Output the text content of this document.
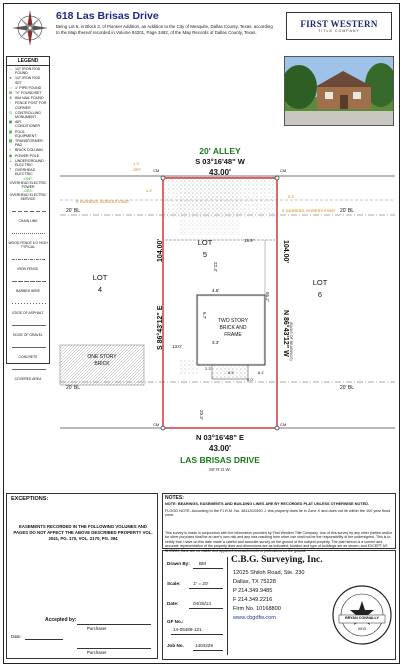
618 Las Brisas Drive
Being Lot 5, in Block 3, of Pioneer Addition, an Addition to the City of Mesquite, Dallas County, Texas, according to the Map thereof recorded in Volume 84201, Page 3482, of the Map Records of Dallas County, Texas.
FIRST WESTERN
TITLE COMPANY
LEGEND
○ 1/2" IRON ROD FOUND
● 1/2" IRON ROD SET
○ 1" PIPE FOUND
⊠ "X" FOUND/SET
⊗ 80d NAIL FOUND
▫	FENCE POST FOR CORNER
⊙ CONTROLLING MONUMENT
▣ AIR CONDITIONER
▦ POOL EQUIPMENT
▩ TRANSFORMER PAD
▪	BRICK COLUMN
◉ POWER POLE
⇣ UNDERGROUND ELECTRIC
⇡ OVERHEAD ELECTRIC
-OHP-
OVERHEAD ELECTRIC POWER
-OES-
OVERHEAD ELECTRIC SERVICE
CHAIN LINK
WOOD FENCE 6.0' HIGH TYPICAL
IRON FENCE
BARBED WIRE
EDGE OF ASPHALT
EDGE OF GRAVEL
CONCRETE
COVERED AREA
20' ALLEY
S 03°16'48" W
43.00'
N 03°16'48" E
43.00'
LAS BRISAS DRIVE
50' R.O.W.
104.00'
S 86°43'12" E
104.00'
N 86°43'12" W (BASIS OF BEARINGS)
LOT
4
LOT
5
LOT
6
TWO STORY
BRICK AND
FRAME
ONE STORY
BRICK
20' BL	20' BL
20' BL	20' BL
5' INGRESS, EGRESS ESMT.
5' INGRESS, EGRESS ESMT.
CM	CM
CM	CM
1.2'
OFF
1.2'
0.2'
19.9'
22.4'
4.6'
6.7'
3.3'
13.0'
55.2'
20.3'
8.5'
2.3'
6.1'
8.0'
EXCEPTIONS:
EASEMENTS RECORDED IN THE FOLLOWING VOLUMES AND PAGES DO NOT AFFECT THE ABOVE DESCRIBED PROPERTY VOL. 2041, PG. 170, VOL. 2170, PG. 394
Accepted by:
Purchaser
Date:
Purchaser
NOTES:

NOTE: BEARINGS, EASEMENTS AND BUILDING LINES ARE BY RECORDED PLAT UNLESS OTHERWISE NOTED.

FLOOD NOTE: According to the F.I.R.M. No. 48113C0390 J, this property does lie in Zone X and does not lie within the 100 year flood zone.

This survey is made in conjunction with the information provided by First Western Title Company. Use of this survey by any other parties and/or for other purposes shall be at user's own risk and any loss resulting from other use shall not be the responsibility of the undersigned. This is to certify that I have on this date made a careful and accurate survey on the ground of the subject property. The plat hereon is a correct and accurate representation of the property lines and dimensions are as indicated; location and type of buildings are as shown; and EXCEPT AS SHOWN, there are no visible and apparent encroachments or protrusions on the ground.
Drawn By: BM
Scale:	1" = 20'
Date:	04/25/14
GF No.:
14-05489-121
Job No. 1404229
C.B.G. Surveying, Inc.
12025 Shiloh Road, Ste. 230
Dallas, TX 75228
P 214.349.9485
F 214.349.2216
Firm No. 10168800
www.cbgdfw.com	BRYAN CONNALLY
5513
